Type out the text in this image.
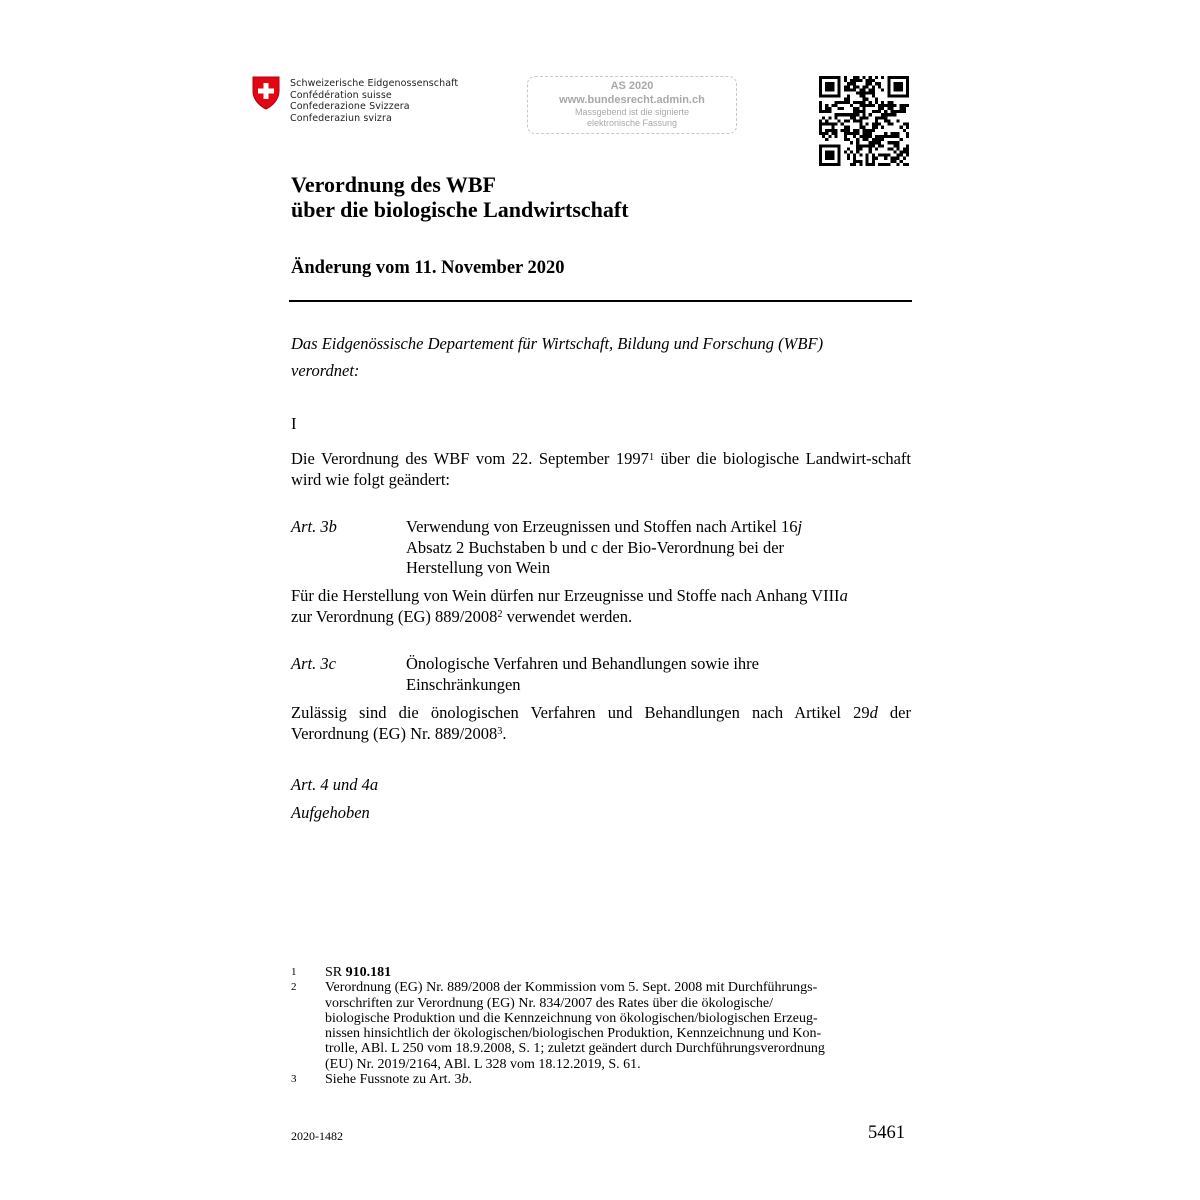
Schweizerische Eidgenossenschaft
Confédération suisse
Confederazione Svizzera
Confederaziun svizra
AS 2020
www.bundesrecht.admin.ch
Massgebend ist die signierte
elektronische Fassung
Verordnung des WBF
über die biologische Landwirtschaft
Änderung vom 11. November 2020
Das Eidgenössische Departement für Wirtschaft, Bildung und Forschung (WBF)
verordnet:
I
Die Verordnung des WBF vom 22. September 1997$^1$ über die biologische Landwirt-schaft wird wie folgt geändert:
Art. 3b	Verwendung von Erzeugnissen und Stoffen nach Artikel 16j
Absatz 2 Buchstaben b und c der Bio-Verordnung bei der
Herstellung von Wein
Für die Herstellung von Wein dürfen nur Erzeugnisse und Stoffe nach Anhang VIIIa
zur Verordnung (EG) 889/2008$^2$ verwendet werden.
Art. 3c	Önologische Verfahren und Behandlungen sowie ihre
Einschränkungen
Zulässig sind die önologischen Verfahren und Behandlungen nach Artikel 29d der Verordnung (EG) Nr. 889/2008$^3$.
Art. 4 und 4a
Aufgehoben
1	SR 910.181
2	Verordnung (EG) Nr. 889/2008 der Kommission vom 5. Sept. 2008 mit Durchführungs-
vorschriften zur Verordnung (EG) Nr. 834/2007 des Rates über die ökologische/
biologische Produktion und die Kennzeichnung von ökologischen/biologischen Erzeug-
nissen hinsichtlich der ökologischen/biologischen Produktion, Kennzeichnung und Kon-
trolle, ABl. L 250 vom 18.9.2008, S. 1; zuletzt geändert durch Durchführungsverordnung
(EU) Nr. 2019/2164, ABl. L 328 vom 18.12.2019, S. 61.
3	Siehe Fussnote zu Art. 3b.
2020-1482	5461
